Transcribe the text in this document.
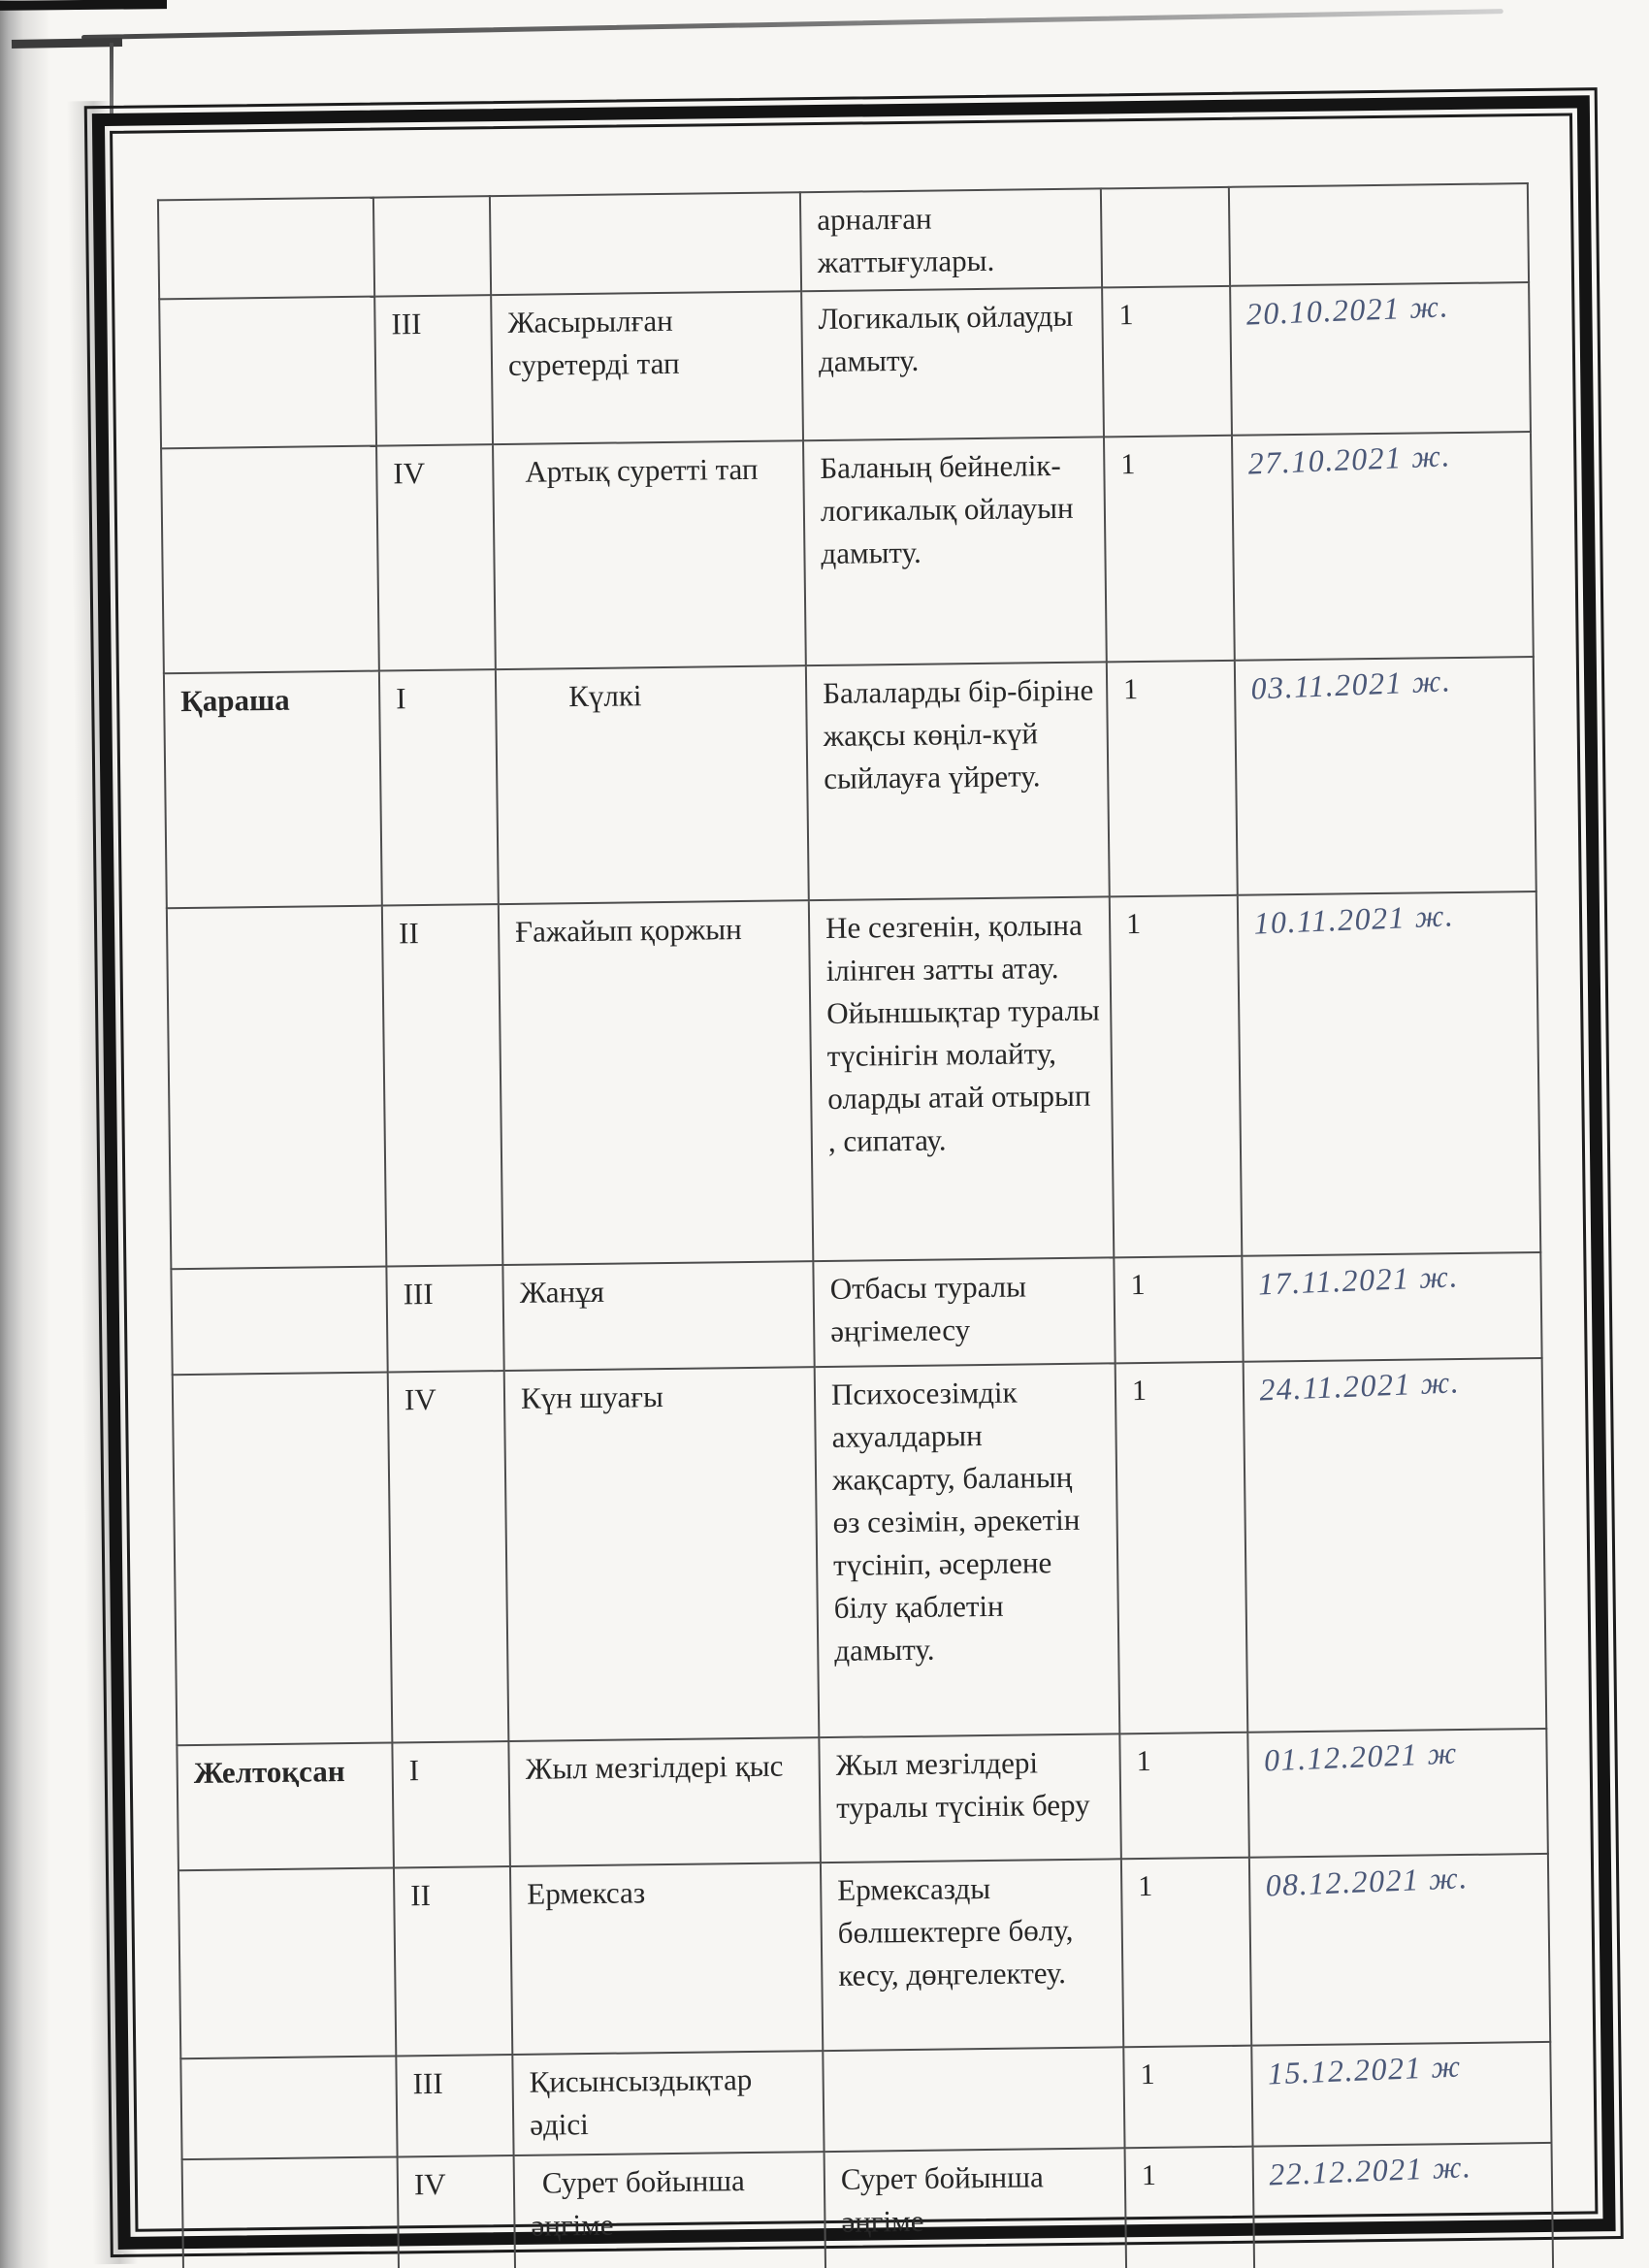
			арналған жаттығулары.		
	III	Жасырылған суретерді тап	Логикалық ойлауды дамыту.	1	20.10.2021 ж.
	IV	Артық суретті тап	Баланың бейнелік-логикалық ойлауын дамыту.	1	27.10.2021 ж.
Қараша	I	Күлкі	Балаларды бір-біріне жақсы көңіл-күй сыйлауға үйрету.	1	03.11.2021 ж.
	II	Ғажайып қоржын	Не сезгенін, қолына ілінген затты атау. Ойыншықтар туралы түсінігін молайту, оларды атай отырып , сипатау.	1	10.11.2021 ж.
	III	Жанұя	Отбасы туралы әңгімелесу	1	17.11.2021 ж.
	IV	Күн шуағы	Психосезімдік ахуалдарын жақсарту, баланың өз сезімін, әрекетін түсініп, әсерлене білу қаблетін дамыту.	1	24.11.2021 ж.
Желтоқсан	I	Жыл мезгілдері қыс	Жыл мезгілдері туралы түсінік беру	1	01.12.2021 ж
	II	Ермексаз	Ермексазды бөлшектерге бөлу, кесу, дөңгелектеу.	1	08.12.2021 ж.
	III	Қисынсыздықтар әдісі		1	15.12.2021 ж
	IV	Сурет бойынша әңгіме	Сурет бойынша әңгіме	1	22.12.2021 ж.
